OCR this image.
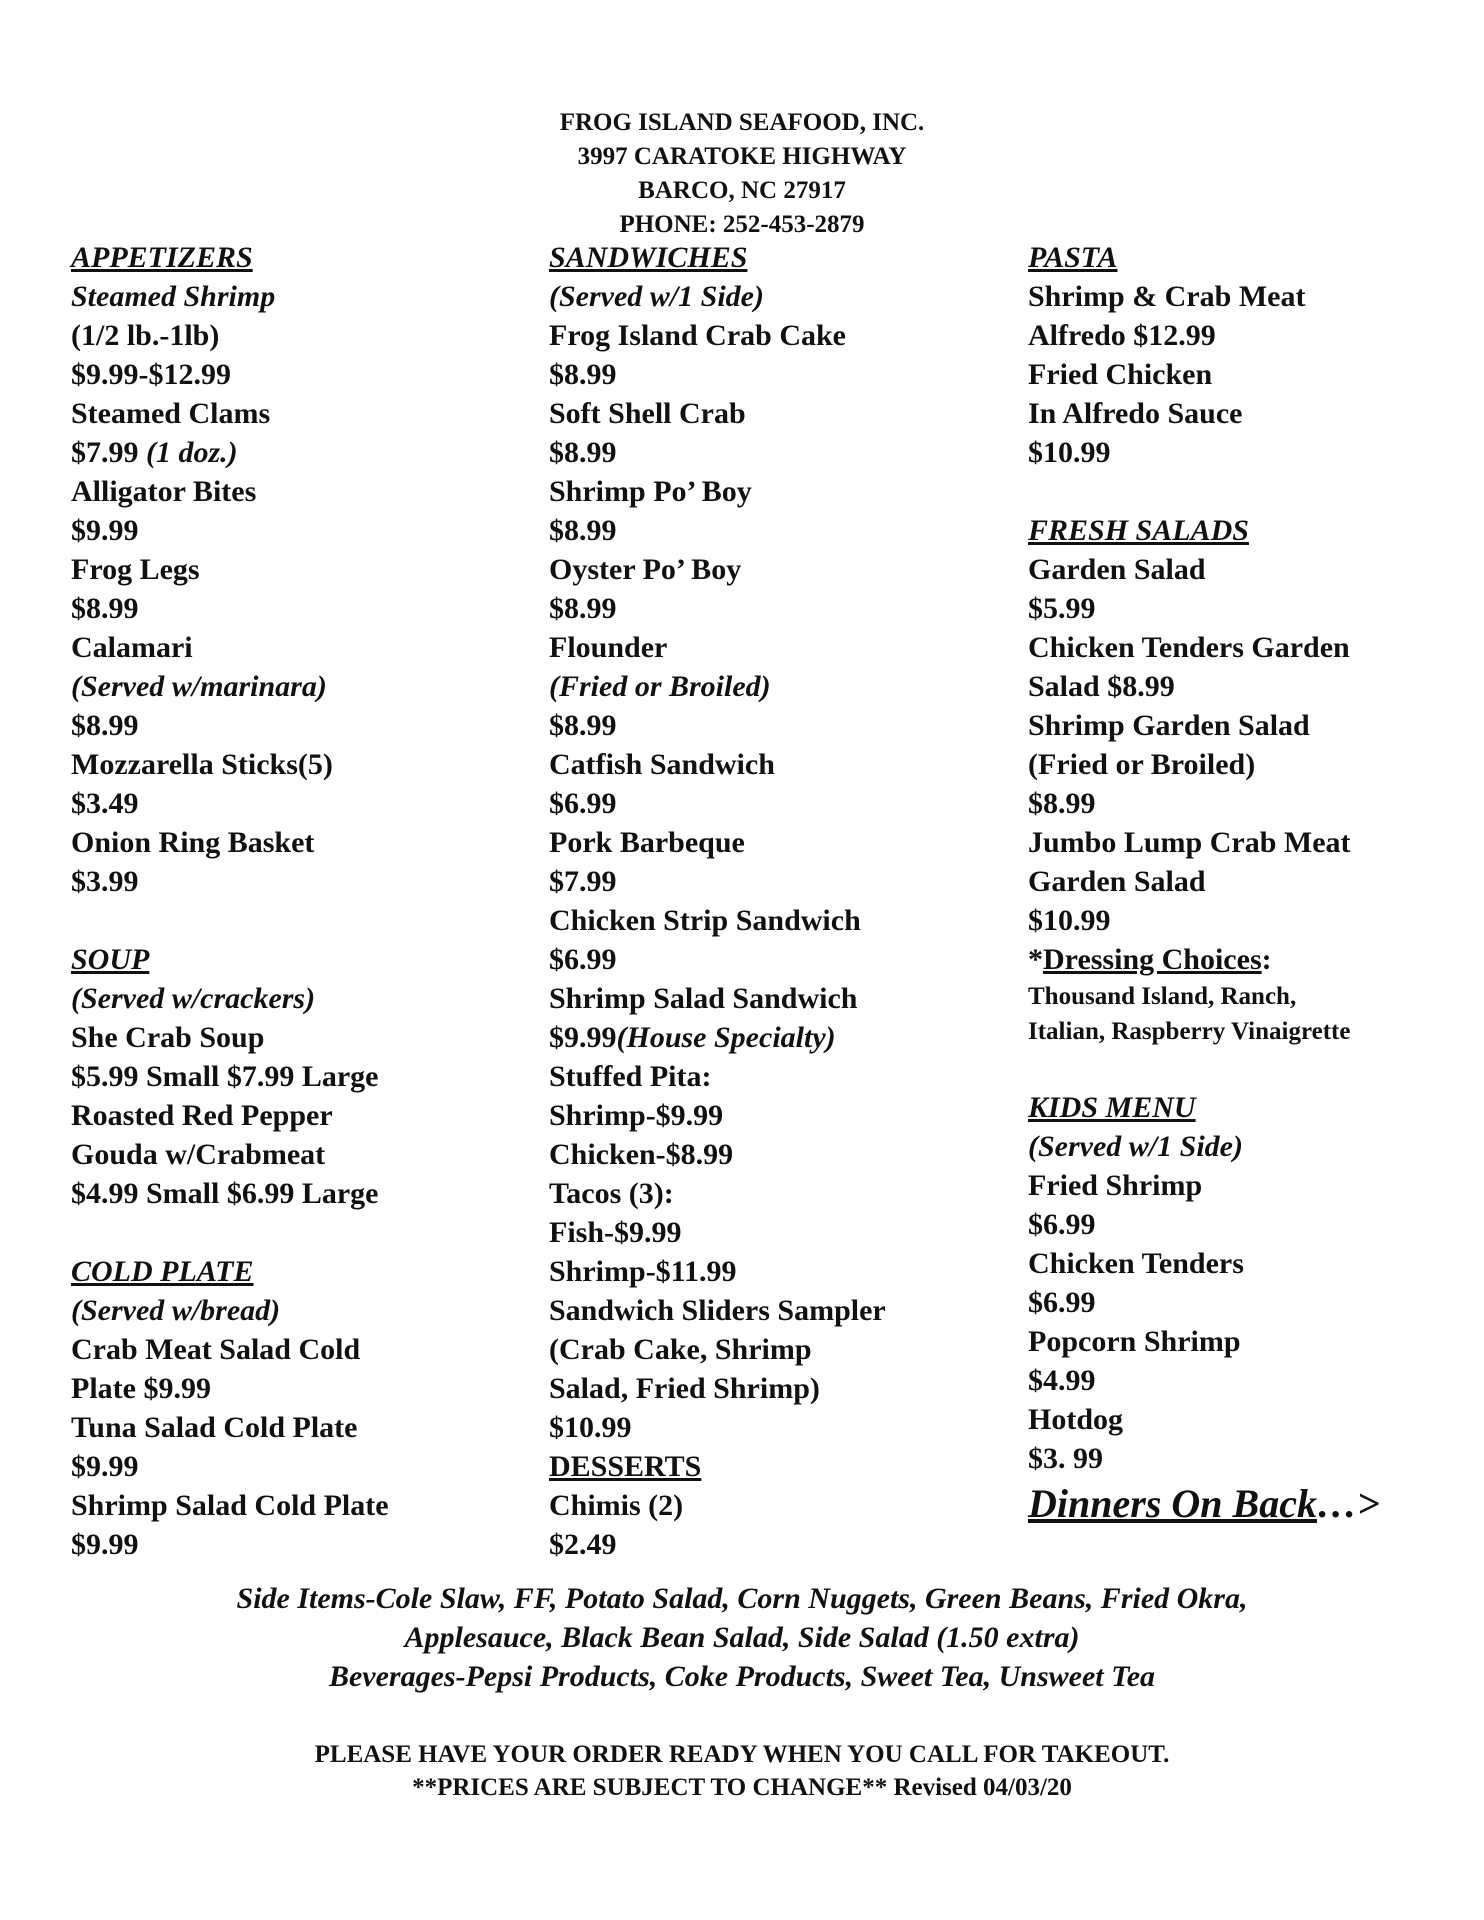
FROG ISLAND SEAFOOD, INC.
3997 CARATOKE HIGHWAY
BARCO, NC 27917
PHONE: 252-453-2879
APPETIZERS
Steamed Shrimp
(1/2 lb.-1lb)
$9.99-$12.99
Steamed Clams
$7.99 (1 doz.)
Alligator Bites
$9.99
Frog Legs
$8.99
Calamari
(Served w/marinara)
$8.99
Mozzarella Sticks(5)
$3.49
Onion Ring Basket
$3.99
SOUP
(Served w/crackers)
She Crab Soup
$5.99 Small $7.99 Large
Roasted Red Pepper
Gouda w/Crabmeat
$4.99 Small $6.99 Large
COLD PLATE
(Served w/bread)
Crab Meat Salad Cold
Plate $9.99
Tuna Salad Cold Plate
$9.99
Shrimp Salad Cold Plate
$9.99
SANDWICHES
(Served w/1 Side)
Frog Island Crab Cake
$8.99
Soft Shell Crab
$8.99
Shrimp Po’ Boy
$8.99
Oyster Po’ Boy
$8.99
Flounder
(Fried or Broiled)
$8.99
Catfish Sandwich
$6.99
Pork Barbeque
$7.99
Chicken Strip Sandwich
$6.99
Shrimp Salad Sandwich
$9.99(House Specialty)
Stuffed Pita:
Shrimp-$9.99
Chicken-$8.99
Tacos (3):
Fish-$9.99
Shrimp-$11.99
Sandwich Sliders Sampler
(Crab Cake, Shrimp
Salad, Fried Shrimp)
$10.99
DESSERTS
Chimis (2)
$2.49
PASTA
Shrimp & Crab Meat
Alfredo $12.99
Fried Chicken
In Alfredo Sauce
$10.99
FRESH SALADS
Garden Salad
$5.99
Chicken Tenders Garden
Salad $8.99
Shrimp Garden Salad
(Fried or Broiled)
$8.99
Jumbo Lump Crab Meat
Garden Salad
$10.99
*Dressing Choices:
Thousand Island, Ranch,
Italian, Raspberry Vinaigrette
KIDS MENU
(Served w/1 Side)
Fried Shrimp
$6.99
Chicken Tenders
$6.99
Popcorn Shrimp
$4.99
Hotdog
$3. 99
Dinners On Back…>
Side Items-Cole Slaw, FF, Potato Salad, Corn Nuggets, Green Beans, Fried Okra,
Applesauce, Black Bean Salad, Side Salad (1.50 extra)
Beverages-Pepsi Products, Coke Products, Sweet Tea, Unsweet Tea
PLEASE HAVE YOUR ORDER READY WHEN YOU CALL FOR TAKEOUT.
**PRICES ARE SUBJECT TO CHANGE** Revised 04/03/20
